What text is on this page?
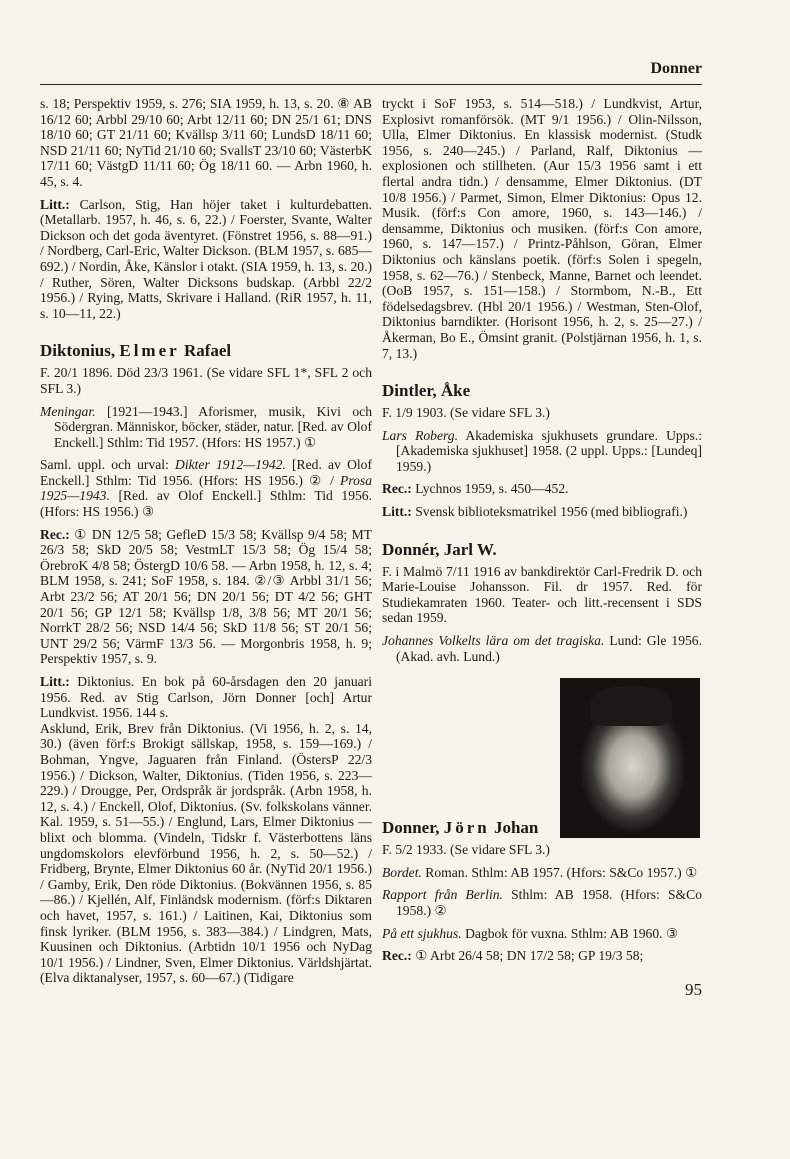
Donner

s. 18; Perspektiv 1959, s. 276; SIA 1959, h. 13, s. 20. ⑧ AB 16/12 60; Arbbl 29/10 60; Arbt 12/11 60; DN 25/1 61; DNS 18/10 60; GT 21/11 60; Kvällsp 3/11 60; LundsD 18/11 60; NSD 21/11 60; NyTid 21/10 60; SvallsT 23/10 60; VästerbK 17/11 60; VästgD 11/11 60; Ög 18/11 60. — Arbn 1960, h. 45, s. 4.

Litt.: Carlson, Stig, Han höjer taket i kulturdebatten. (Metallarb. 1957, h. 46, s. 6, 22.) / Foerster, Svante, Walter Dickson och det goda äventyret. (Fönstret 1956, s. 88—91.) / Nordberg, Carl-Eric, Walter Dickson. (BLM 1957, s. 685—692.) / Nordin, Åke, Känslor i otakt. (SIA 1959, h. 13, s. 20.) / Ruther, Sören, Walter Dicksons budskap. (Arbbl 22/2 1956.) / Rying, Matts, Skrivare i Halland. (RiR 1957, h. 11, s. 10—11, 22.)

Diktonius, Elmer Rafael

F. 20/1 1896. Död 23/3 1961. (Se vidare SFL 1*, SFL 2 och SFL 3.)

Meningar. [1921—1943.] Aforismer, musik, Kivi och Södergran. Människor, böcker, städer, natur. [Red. av Olof Enckell.] Sthlm: Tid 1957. (Hfors: HS 1957.) ①

Saml. uppl. och urval: Dikter 1912—1942. [Red. av Olof Enckell.] Sthlm: Tid 1956. (Hfors: HS 1956.) ② / Prosa 1925—1943. [Red. av Olof Enckell.] Sthlm: Tid 1956. (Hfors: HS 1956.) ③

Rec.: ① DN 12/5 58; GefleD 15/3 58; Kvällsp 9/4 58; MT 26/3 58; SkD 20/5 58; VestmLT 15/3 58; Ög 15/4 58; ÖrebroK 4/8 58; ÖstergD 10/6 58. — Arbn 1958, h. 12, s. 4; BLM 1958, s. 241; SoF 1958, s. 184. ②/③ Arbbl 31/1 56; Arbt 23/2 56; AT 20/1 56; DN 20/1 56; DT 4/2 56; GHT 20/1 56; GP 12/1 58; Kvällsp 1/8, 3/8 56; MT 20/1 56; NorrkT 28/2 56; NSD 14/4 56; SkD 11/8 56; ST 20/1 56; UNT 29/2 56; VärmF 13/3 56. — Morgonbris 1958, h. 9; Perspektiv 1957, s. 9.

Litt.: Diktonius. En bok på 60-årsdagen den 20 januari 1956. Red. av Stig Carlson, Jörn Donner [och] Artur Lundkvist. 1956. 144 s.
Asklund, Erik, Brev från Diktonius. (Vi 1956, h. 2, s. 14, 30.) (även förf:s Brokigt sällskap, 1958, s. 159—169.) / Bohman, Yngve, Jaguaren från Finland. (ÖstersP 22/3 1956.) / Dickson, Walter, Diktonius. (Tiden 1956, s. 223—229.) / Drougge, Per, Ordspråk är jordspråk. (Arbn 1958, h. 12, s. 4.) / Enckell, Olof, Diktonius. (Sv. folkskolans vänner. Kal. 1959, s. 51—55.) / Englund, Lars, Elmer Diktonius — blixt och blomma. (Vindeln, Tidskr f. Västerbottens läns ungdomskolors elevförbund 1956, h. 2, s. 50—52.) / Fridberg, Brynte, Elmer Diktonius 60 år. (NyTid 20/1 1956.) / Gamby, Erik, Den röde Diktonius. (Bokvännen 1956, s. 85—86.) / Kjellén, Alf, Finländsk modernism. (förf:s Diktaren och havet, 1957, s. 161.) / Laitinen, Kai, Diktonius som finsk lyriker. (BLM 1956, s. 383—384.) / Lindgren, Mats, Kuusinen och Diktonius. (Arbtidn 10/1 1956 och NyDag 10/1 1956.) / Lindner, Sven, Elmer Diktonius. Världshjärtat. (Elva diktanalyser, 1957, s. 60—67.) (Tidigare

tryckt i SoF 1953, s. 514—518.) / Lundkvist, Artur, Explosivt romanförsök. (MT 9/1 1956.) / Olin-Nilsson, Ulla, Elmer Diktonius. En klassisk modernist. (Studk 1956, s. 240—245.) / Parland, Ralf, Diktonius — explosionen och stillheten. (Aur 15/3 1956 samt i ett flertal andra tidn.) / densamme, Elmer Diktonius. (DT 10/8 1956.) / Parmet, Simon, Elmer Diktonius: Opus 12. Musik. (förf:s Con amore, 1960, s. 143—146.) / densamme, Diktonius och musiken. (förf:s Con amore, 1960, s. 147—157.) / Printz-Påhlson, Göran, Elmer Diktonius och känslans poetik. (förf:s Solen i spegeln, 1958, s. 62—76.) / Stenbeck, Manne, Barnet och leendet. (OoB 1957, s. 151—158.) / Stormbom, N.-B., Ett födelsedagsbrev. (Hbl 20/1 1956.) / Westman, Sten-Olof, Diktonius barndikter. (Horisont 1956, h. 2, s. 25—27.) / Åkerman, Bo E., Ömsint granit. (Polstjärnan 1956, h. 1, s. 7, 13.)

Dintler, Åke

F. 1/9 1903. (Se vidare SFL 3.)

Lars Roberg. Akademiska sjukhusets grundare. Upps.: [Akademiska sjukhuset] 1958. (2 uppl. Upps.: [Lundeq] 1959.)

Rec.: Lychnos 1959, s. 450—452.

Litt.: Svensk biblioteksmatrikel 1956 (med bibliografi.)

Donnér, Jarl W.

F. i Malmö 7/11 1916 av bankdirektör Carl-Fredrik D. och Marie-Louise Johansson. Fil. dr 1957. Red. för Studiekamraten 1960. Teater- och litt.-recensent i SDS sedan 1959.

Johannes Volkelts lära om det tragiska. Lund: Gle 1956. (Akad. avh. Lund.)

Donner, Jörn Johan

F. 5/2 1933. (Se vidare SFL 3.)

Bordet. Roman. Sthlm: AB 1957. (Hfors: S&Co 1957.) ①

Rapport från Berlin. Sthlm: AB 1958. (Hfors: S&Co 1958.) ②

På ett sjukhus. Dagbok för vuxna. Sthlm: AB 1960. ③

Rec.: ① Arbt 26/4 58; DN 17/2 58; GP 19/3 58;

95
